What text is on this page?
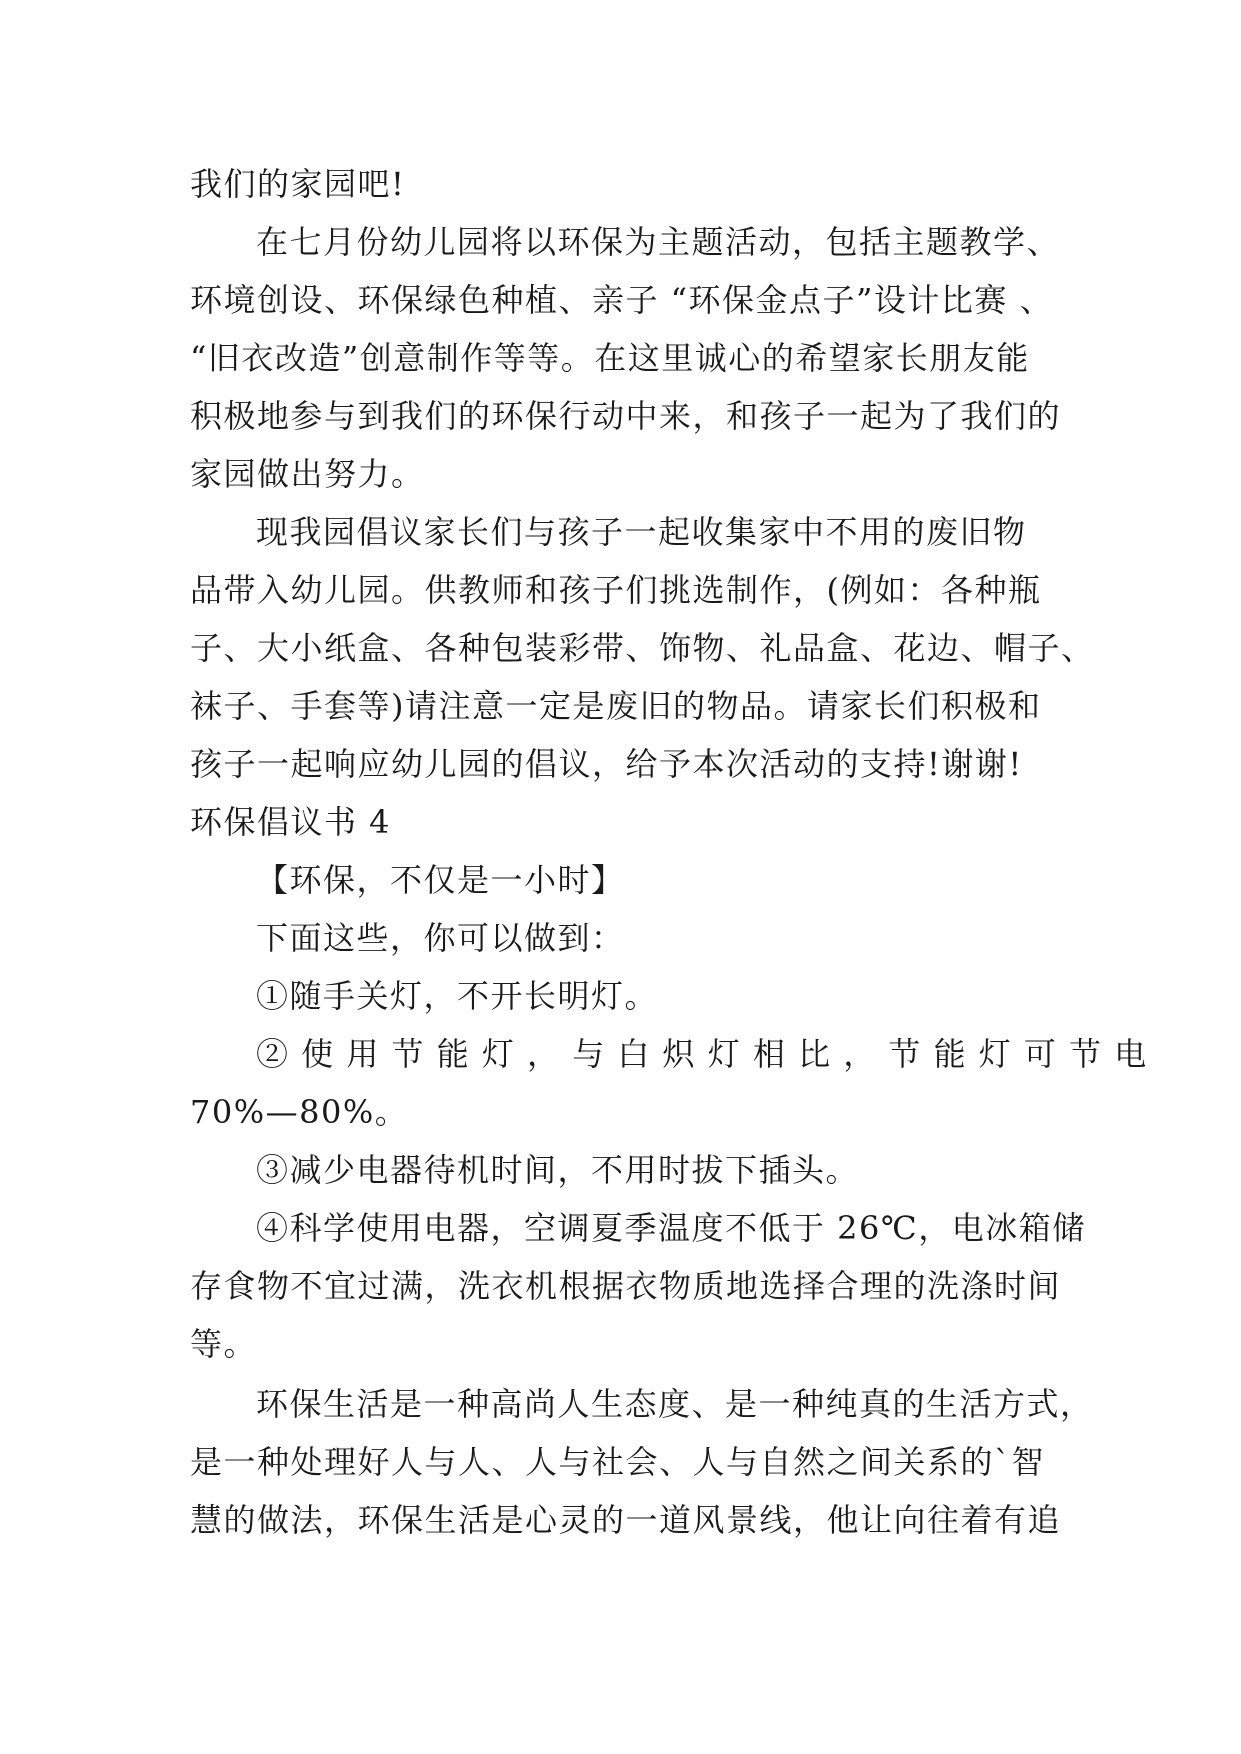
我们的家园吧!
在七月份幼儿园将以环保为主题活动，包括主题教学、
环境创设、环保绿色种植、亲子 “环保金点子”设计比赛 、
“旧衣改造”创意制作等等。在这里诚心的希望家长朋友能
积极地参与到我们的环保行动中来，和孩子一起为了我们的
家园做出努力。
现我园倡议家长们与孩子一起收集家中不用的废旧物
品带入幼儿园。供教师和孩子们挑选制作，(例如：各种瓶
子、大小纸盒、各种包装彩带、饰物、礼品盒、花边、帽子、
袜子、手套等)请注意一定是废旧的物品。请家长们积极和
孩子一起响应幼儿园的倡议，给予本次活动的支持!谢谢!
环保倡议书 4
【环保，不仅是一小时】
下面这些，你可以做到：
①随手关灯，不开长明灯。
② 使 用 节 能 灯 ， 与 白 炽 灯 相 比 ， 节 能 灯 可 节 电
70%—80%。
③减少电器待机时间，不用时拔下插头。
④科学使用电器，空调夏季温度不低于 26℃，电冰箱储
存食物不宜过满，洗衣机根据衣物质地选择合理的洗涤时间
等。
环保生活是一种高尚人生态度、是一种纯真的生活方式，
是一种处理好人与人、人与社会、人与自然之间关系的`智
慧的做法，环保生活是心灵的一道风景线，他让向往着有追
